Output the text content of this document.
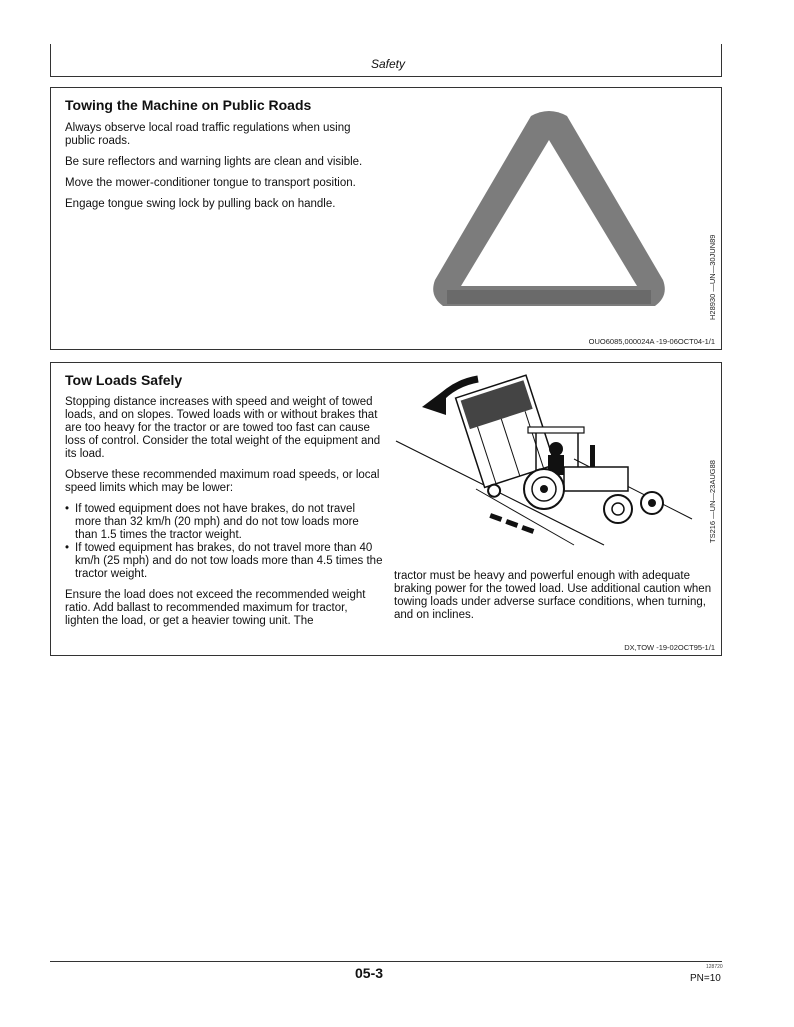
Safety
Towing the Machine on Public Roads

Always observe local road traffic regulations when using public roads.

Be sure reflectors and warning lights are clean and visible.

Move the mower-conditioner tongue to transport position.

Engage tongue swing lock by pulling back on handle.

H28930 —UN—30JUN89
OUO6085,000024A -19-06OCT04-1/1
Tow Loads Safely

Stopping distance increases with speed and weight of towed loads, and on slopes. Towed loads with or without brakes that are too heavy for the tractor or are towed too fast can cause loss of control. Consider the total weight of the equipment and its load.

Observe these recommended maximum road speeds, or local speed limits which may be lower:

• If towed equipment does not have brakes, do not travel more than 32 km/h (20 mph) and do not tow loads more than 1.5 times the tractor weight.
• If towed equipment has brakes, do not travel more than 40 km/h (25 mph) and do not tow loads more than 4.5 times the tractor weight.

Ensure the load does not exceed the recommended weight ratio. Add ballast to recommended maximum for tractor, lighten the load, or get a heavier towing unit. The

TS216 —UN—23AUG88
tractor must be heavy and powerful enough with adequate braking power for the towed load. Use additional caution when towing loads under adverse surface conditions, when turning, and on inclines.
DX,TOW -19-02OCT95-1/1
05-3	128720
PN=10
